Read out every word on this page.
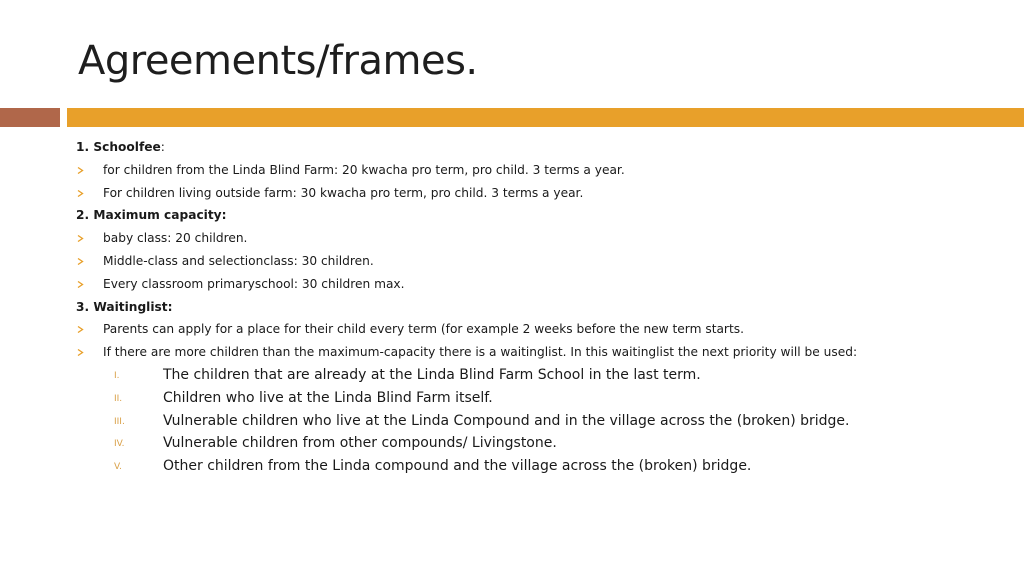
Agreements/frames.
1. Schoolfee:
for children from the Linda Blind Farm: 20 kwacha pro term, pro child. 3 terms a year.
For children living outside farm: 30 kwacha pro term, pro child. 3 terms a year.
2. Maximum capacity:
baby class: 20 children.
Middle-class and selectionclass: 30 children.
Every classroom primaryschool: 30 children max.
3. Waitinglist:
Parents can apply for a place for their child every term (for example 2 weeks before the new term starts.
If there are more children than the maximum-capacity there is a waitinglist. In this waitinglist the next priority will be used:
I.	The children that are already at the Linda Blind Farm School in the last term.
II.	Children who live at the Linda Blind Farm itself.
III.	Vulnerable children who live at the Linda Compound and in the village across the (broken) bridge.
IV.	Vulnerable children from other compounds/ Livingstone.
V.	Other children from the Linda compound and the village across the (broken) bridge.
